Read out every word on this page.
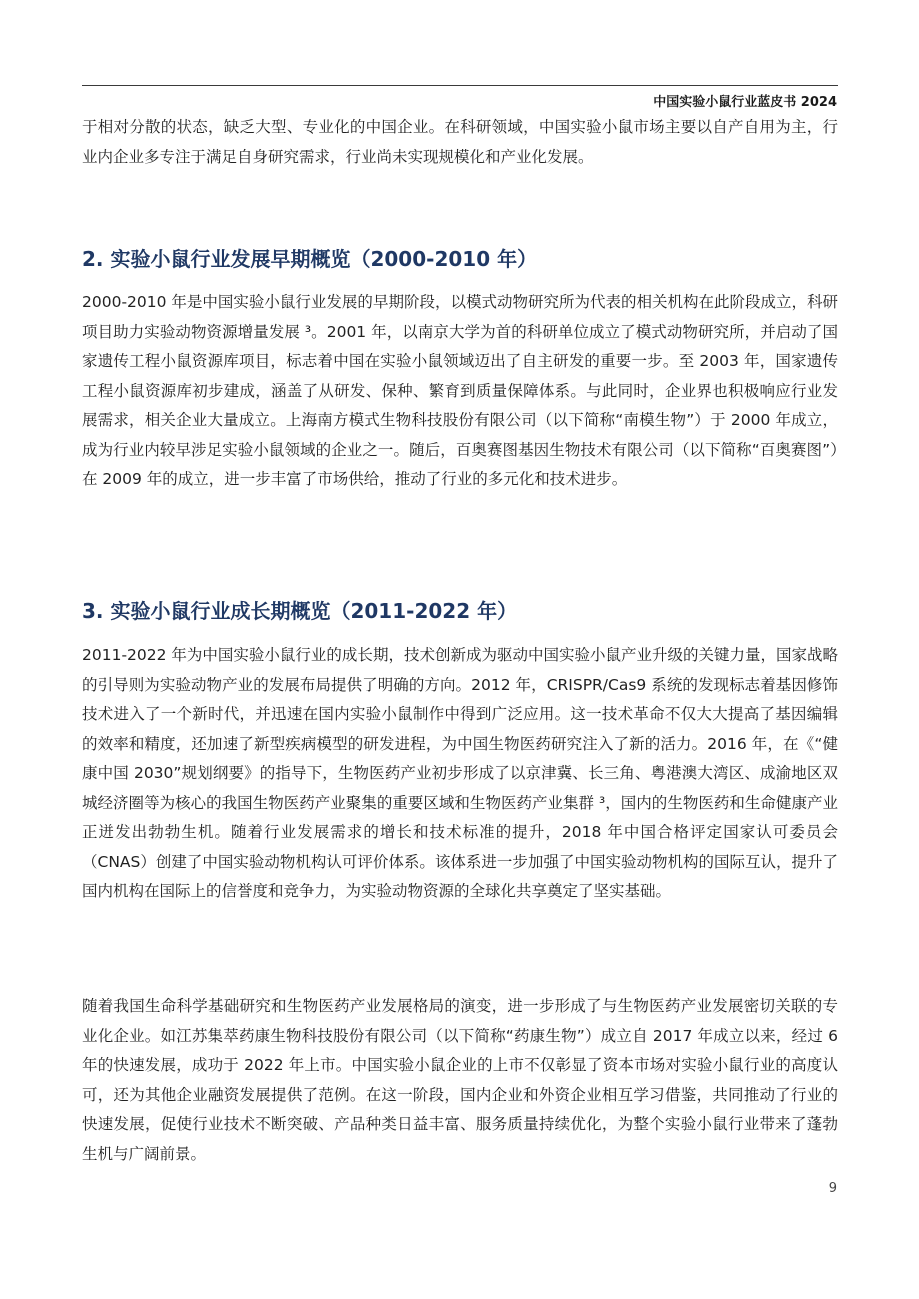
中国实验小鼠行业蓝皮书 2024

于相对分散的状态，缺乏大型、专业化的中国企业。在科研领域，中国实验小鼠市场主要以自产自用为主，行业内企业多专注于满足自身研究需求，行业尚未实现规模化和产业化发展。

2. 实验小鼠行业发展早期概览（2000-2010 年）

2000-2010 年是中国实验小鼠行业发展的早期阶段，以模式动物研究所为代表的相关机构在此阶段成立，科研项目助力实验动物资源增量发展 ³。2001 年，以南京大学为首的科研单位成立了模式动物研究所，并启动了国家遗传工程小鼠资源库项目，标志着中国在实验小鼠领域迈出了自主研发的重要一步。至 2003 年，国家遗传工程小鼠资源库初步建成，涵盖了从研发、保种、繁育到质量保障体系。与此同时，企业界也积极响应行业发展需求，相关企业大量成立。上海南方模式生物科技股份有限公司（以下简称“南模生物”）于 2000 年成立，成为行业内较早涉足实验小鼠领域的企业之一。随后，百奥赛图基因生物技术有限公司（以下简称“百奥赛图”）在 2009 年的成立，进一步丰富了市场供给，推动了行业的多元化和技术进步。

3. 实验小鼠行业成长期概览（2011-2022 年）

2011-2022 年为中国实验小鼠行业的成长期，技术创新成为驱动中国实验小鼠产业升级的关键力量，国家战略的引导则为实验动物产业的发展布局提供了明确的方向。2012 年，CRISPR/Cas9 系统的发现标志着基因修饰技术进入了一个新时代，并迅速在国内实验小鼠制作中得到广泛应用。这一技术革命不仅大大提高了基因编辑的效率和精度，还加速了新型疾病模型的研发进程，为中国生物医药研究注入了新的活力。2016 年，在《“健康中国 2030”规划纲要》的指导下，生物医药产业初步形成了以京津冀、长三角、粤港澳大湾区、成渝地区双城经济圈等为核心的我国生物医药产业聚集的重要区域和生物医药产业集群 ³，国内的生物医药和生命健康产业正迸发出勃勃生机。随着行业发展需求的增长和技术标准的提升，2018 年中国合格评定国家认可委员会（CNAS）创建了中国实验动物机构认可评价体系。该体系进一步加强了中国实验动物机构的国际互认，提升了国内机构在国际上的信誉度和竞争力，为实验动物资源的全球化共享奠定了坚实基础。

随着我国生命科学基础研究和生物医药产业发展格局的演变，进一步形成了与生物医药产业发展密切关联的专业化企业。如江苏集萃药康生物科技股份有限公司（以下简称“药康生物”）成立自 2017 年成立以来，经过 6 年的快速发展，成功于 2022 年上市。中国实验小鼠企业的上市不仅彰显了资本市场对实验小鼠行业的高度认可，还为其他企业融资发展提供了范例。在这一阶段，国内企业和外资企业相互学习借鉴，共同推动了行业的快速发展，促使行业技术不断突破、产品种类日益丰富、服务质量持续优化，为整个实验小鼠行业带来了蓬勃生机与广阔前景。

9
